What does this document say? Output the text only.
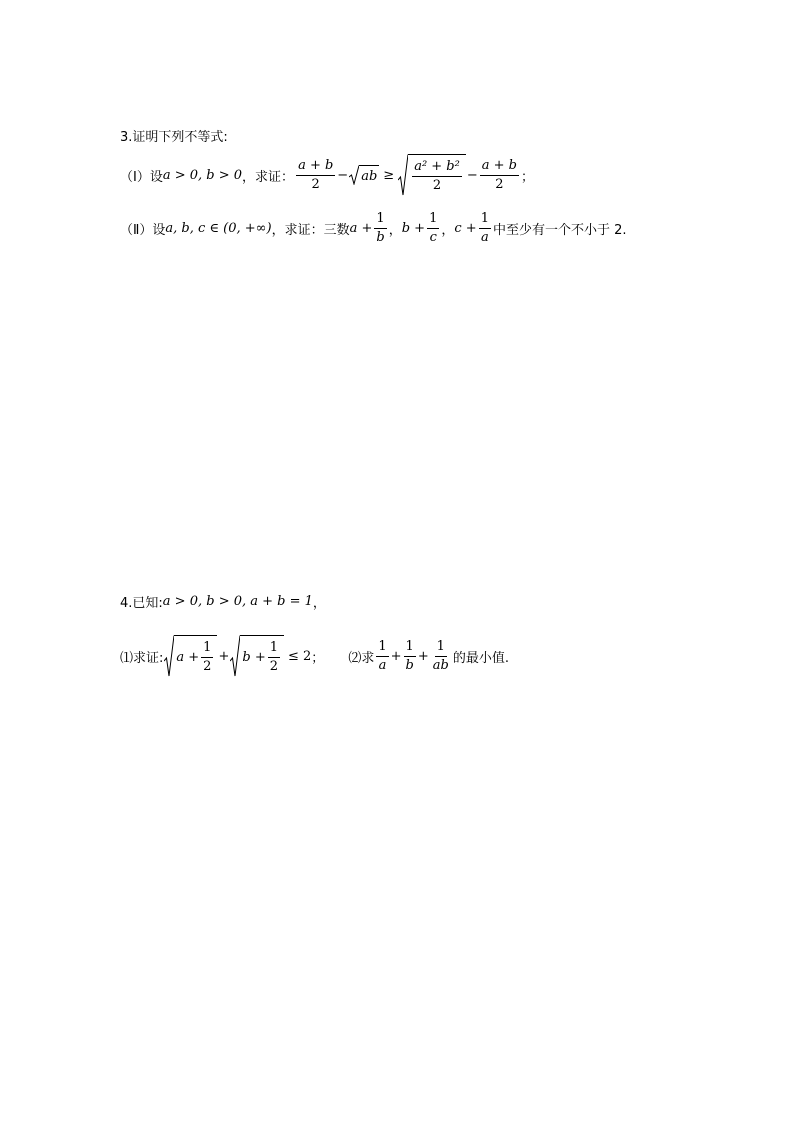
3.证明下列不等式:
（Ⅰ）设 a > 0, b > 0 ，求证： $\frac{a + b}{2}$ − ab ≥ $\frac{\text{a² + b²}}{2} - \frac{a + b}{2}$ ；
（Ⅱ）设 a, b, c ∈ (0, +∞) ，求证：三数 $a + \frac{1}{b}$ ， $b + \frac{1}{c}$ ， $c + \frac{1}{a}$ 中至少有一个不小于 2.
4.已知: a > 0, b > 0, a + b = 1 ，
⑴求证: $a + \frac{1}{2} + b + \frac{1}{2} \le 2$ ； ⑵求 $\frac{1}{a} + \frac{1}{b} + \frac{1}{ab}$ 的最小值.
